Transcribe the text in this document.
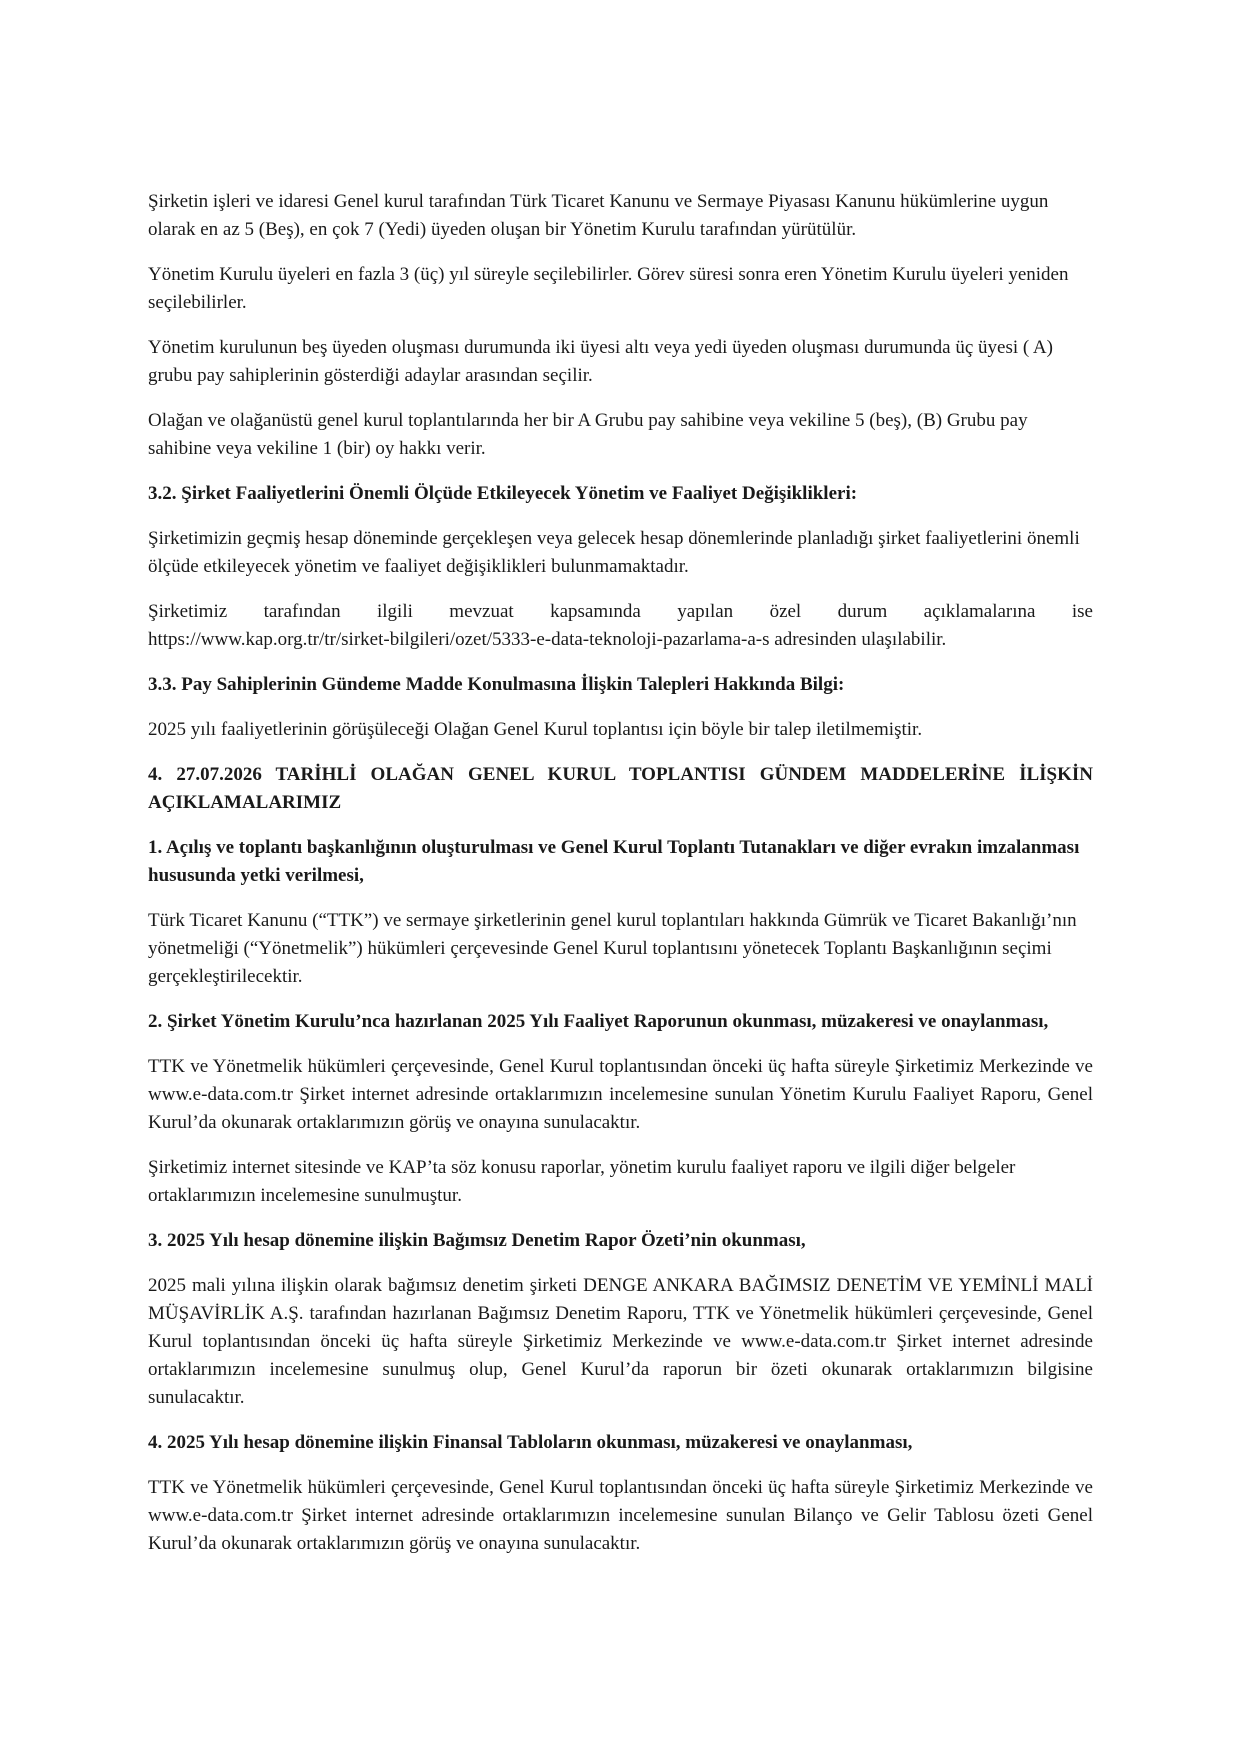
Şirketin işleri ve idaresi Genel kurul tarafından Türk Ticaret Kanunu ve Sermaye Piyasası Kanunu hükümlerine uygun olarak en az 5 (Beş), en çok 7 (Yedi) üyeden oluşan bir Yönetim Kurulu tarafından yürütülür.

Yönetim Kurulu üyeleri en fazla 3 (üç) yıl süreyle seçilebilirler. Görev süresi sonra eren Yönetim Kurulu üyeleri yeniden seçilebilirler.

Yönetim kurulunun beş üyeden oluşması durumunda iki üyesi altı veya yedi üyeden oluşması durumunda üç üyesi ( A) grubu pay sahiplerinin gösterdiği adaylar arasından seçilir.

Olağan ve olağanüstü genel kurul toplantılarında her bir A Grubu pay sahibine veya vekiline 5 (beş), (B) Grubu pay sahibine veya vekiline 1 (bir) oy hakkı verir.

3.2. Şirket Faaliyetlerini Önemli Ölçüde Etkileyecek Yönetim ve Faaliyet Değişiklikleri:

Şirketimizin geçmiş hesap döneminde gerçekleşen veya gelecek hesap dönemlerinde planladığı şirket faaliyetlerini önemli ölçüde etkileyecek yönetim ve faaliyet değişiklikleri bulunmamaktadır.

Şirketimiz tarafından ilgili mevzuat kapsamında yapılan özel durum açıklamalarına ise
https://www.kap.org.tr/tr/sirket-bilgileri/ozet/5333-e-data-teknoloji-pazarlama-a-s adresinden ulaşılabilir.

3.3. Pay Sahiplerinin Gündeme Madde Konulmasına İlişkin Talepleri Hakkında Bilgi:

2025 yılı faaliyetlerinin görüşüleceği Olağan Genel Kurul toplantısı için böyle bir talep iletilmemiştir.

4. 27.07.2026 TARİHLİ OLAĞAN GENEL KURUL TOPLANTISI GÜNDEM MADDELERİNE İLİŞKİN AÇIKLAMALARIMIZ
1. Açılış ve toplantı başkanlığının oluşturulması ve Genel Kurul Toplantı Tutanakları ve diğer evrakın imzalanması hususunda yetki verilmesi,

Türk Ticaret Kanunu (“TTK”) ve sermaye şirketlerinin genel kurul toplantıları hakkında Gümrük ve Ticaret Bakanlığı’nın yönetmeliği (“Yönetmelik”) hükümleri çerçevesinde Genel Kurul toplantısını yönetecek Toplantı Başkanlığının seçimi gerçekleştirilecektir.

2. Şirket Yönetim Kurulu’nca hazırlanan 2025 Yılı Faaliyet Raporunun okunması, müzakeresi ve onaylanması,

TTK ve Yönetmelik hükümleri çerçevesinde, Genel Kurul toplantısından önceki üç hafta süreyle Şirketimiz Merkezinde ve www.e-data.com.tr Şirket internet adresinde ortaklarımızın incelemesine sunulan Yönetim Kurulu Faaliyet Raporu, Genel Kurul’da okunarak ortaklarımızın görüş ve onayına sunulacaktır.

Şirketimiz internet sitesinde ve KAP’ta söz konusu raporlar, yönetim kurulu faaliyet raporu ve ilgili diğer belgeler ortaklarımızın incelemesine sunulmuştur.

3. 2025 Yılı hesap dönemine ilişkin Bağımsız Denetim Rapor Özeti’nin okunması,

2025 mali yılına ilişkin olarak bağımsız denetim şirketi DENGE ANKARA BAĞIMSIZ DENETİM VE YEMİNLİ MALİ MÜŞAVİRLİK A.Ş. tarafından hazırlanan Bağımsız Denetim Raporu, TTK ve Yönetmelik hükümleri çerçevesinde, Genel Kurul toplantısından önceki üç hafta süreyle Şirketimiz Merkezinde ve www.e-data.com.tr Şirket internet adresinde ortaklarımızın incelemesine sunulmuş olup, Genel Kurul’da raporun bir özeti okunarak ortaklarımızın bilgisine sunulacaktır.

4. 2025 Yılı hesap dönemine ilişkin Finansal Tabloların okunması, müzakeresi ve onaylanması,

TTK ve Yönetmelik hükümleri çerçevesinde, Genel Kurul toplantısından önceki üç hafta süreyle Şirketimiz Merkezinde ve www.e-data.com.tr Şirket internet adresinde ortaklarımızın incelemesine sunulan Bilanço ve Gelir Tablosu özeti Genel Kurul’da okunarak ortaklarımızın görüş ve onayına sunulacaktır.
